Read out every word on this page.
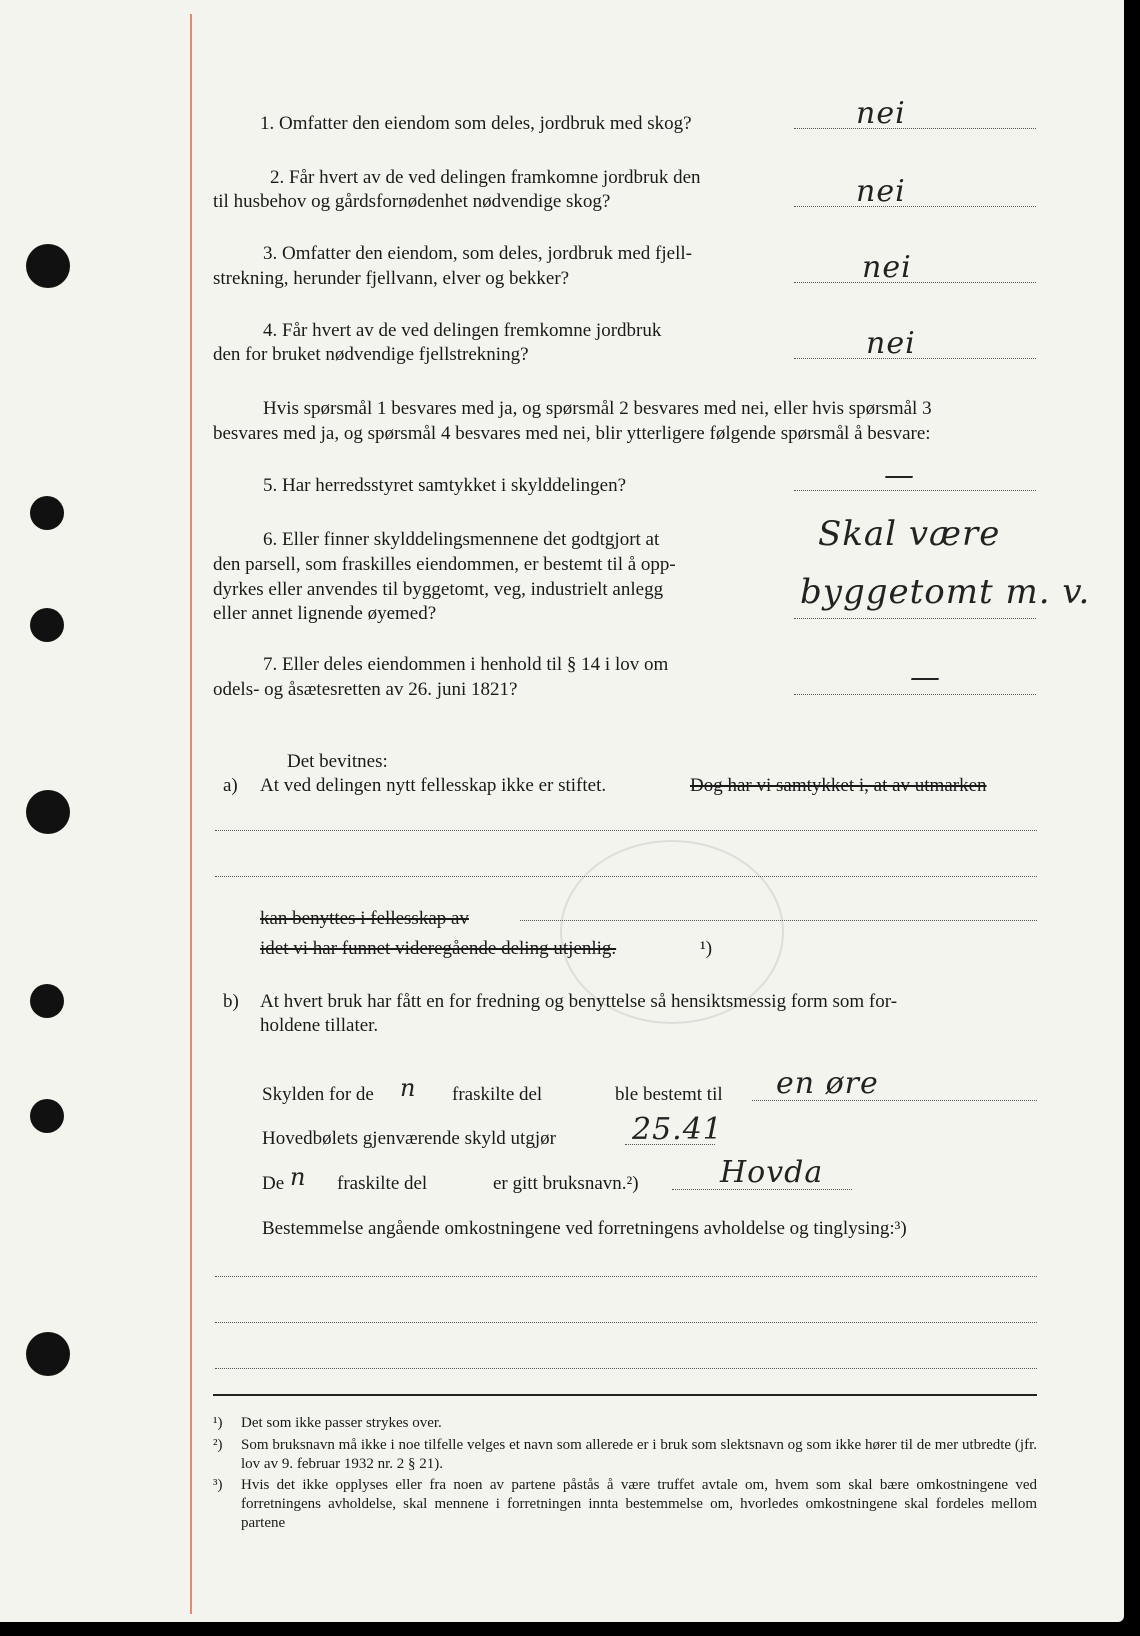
1. Omfatter den eiendom som deles, jordbruk med skog?	nei
2. Får hvert av de ved delingen framkomne jordbruk den
til husbehov og gårdsfornødenhet nødvendige skog?	nei
3. Omfatter den eiendom, som deles, jordbruk med fjell-
strekning, herunder fjellvann, elver og bekker?	nei
4. Får hvert av de ved delingen fremkomne jordbruk
den for bruket nødvendige fjellstrekning?	nei
Hvis spørsmål 1 besvares med ja, og spørsmål 2 besvares med nei, eller hvis spørsmål 3
besvares med ja, og spørsmål 4 besvares med nei, blir ytterligere følgende spørsmål å besvare:
5. Har herredsstyret samtykket i skylddelingen?	—
6. Eller finner skylddelingsmennene det godtgjort at
den parsell, som fraskilles eiendommen, er bestemt til å opp-
dyrkes eller anvendes til byggetomt, veg, industrielt anlegg
eller annet lignende øyemed?
Skal være
byggetomt m. v.
7. Eller deles eiendommen i henhold til § 14 i lov om
odels- og åsætesretten av 26. juni 1821?	—
Det bevitnes:
a) At ved delingen nytt fellesskap ikke er stiftet.	Dog har vi samtykket i, at av utmarken
kan benyttes i fellesskap av
idet vi har funnet videregående deling utjenlig.	¹)
b) At hvert bruk har fått en for fredning og benyttelse så hensiktsmessig form som for-
holdene tillater.
Skylden for de n fraskilte del	ble bestemt til en øre
Hovedbølets gjenværende skyld utgjør	25.41
De n fraskilte del	er gitt bruksnavn.²)	Hovda
Bestemmelse angående omkostningene ved forretningens avholdelse og tinglysing:³)
¹) Det som ikke passer strykes over.
²) Som bruksnavn må ikke i noe tilfelle velges et navn som allerede er i bruk som slektsnavn og som ikke hører til de mer utbredte (jfr. lov av 9. februar 1932 nr. 2 § 21).
³) Hvis det ikke opplyses eller fra noen av partene påstås å være truffet avtale om, hvem som skal bære omkostningene ved forretningens avholdelse, skal mennene i forretningen innta bestemmelse om, hvorledes omkostningene skal fordeles mellom partene
